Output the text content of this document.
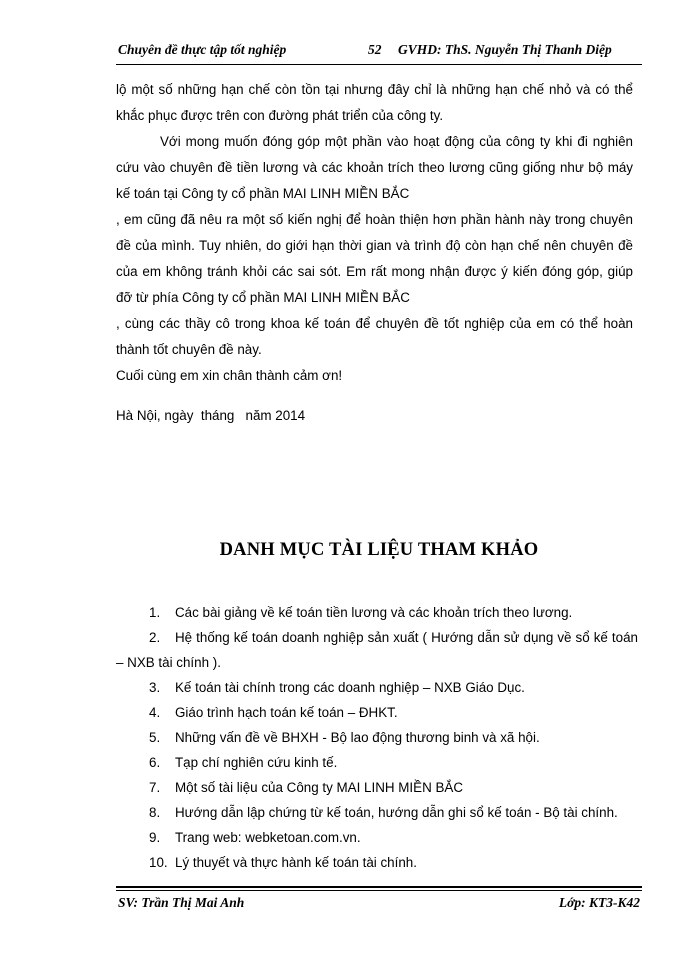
Chuyên đề thực tập tốt nghiệp	52 GVHD: ThS. Nguyễn Thị Thanh Diệp

lộ một số những hạn chế còn tồn tại nhưng đây chỉ là những hạn chế nhỏ và có thể khắc phục được trên con đường phát triển của công ty.

Với mong muốn đóng góp một phần vào hoạt động của công ty khi đi nghiên cứu vào chuyên đề tiền lương và các khoản trích theo lương cũng giống như bộ máy kế toán tại Công ty cổ phần MAI LINH MIỀN BẮC

, em cũng đã nêu ra một số kiến nghị để hoàn thiện hơn phần hành này trong chuyên đề của mình. Tuy nhiên, do giới hạn thời gian và trình độ còn hạn chế nên chuyên đề của em không tránh khỏi các sai sót. Em rất mong nhận được ý kiến đóng góp, giúp đỡ từ phía Công ty cổ phần MAI LINH MIỀN BẮC

, cùng các thầy cô trong khoa kế toán để chuyên đề tốt nghiệp của em có thể hoàn thành tốt chuyên đề này.

Cuối cùng em xin chân thành cảm ơn!

Hà Nội, ngày  tháng   năm 2014
DANH MỤC TÀI LIỆU THAM KHẢO
1. Các bài giảng về kế toán tiền lương và các khoản trích theo lương.
2. Hệ thống kế toán doanh nghiệp sản xuất ( Hướng dẫn sử dụng về sổ kế toán – NXB tài chính ).
3. Kế toán tài chính trong các doanh nghiệp – NXB Giáo Dục.
4. Giáo trình hạch toán kế toán – ĐHKT.
5. Những vấn đề về BHXH - Bộ lao động thương binh và xã hội.
6. Tạp chí nghiên cứu kinh tế.
7. Một số tài liệu của Công ty MAI LINH MIỀN BẮC
8. Hướng dẫn lập chứng từ kế toán, hướng dẫn ghi sổ kế toán - Bộ tài chính.
9. Trang web: webketoan.com.vn.
10. Lý thuyết và thực hành kế toán tài chính.
SV: Trần Thị Mai Anh	Lớp: KT3-K42
